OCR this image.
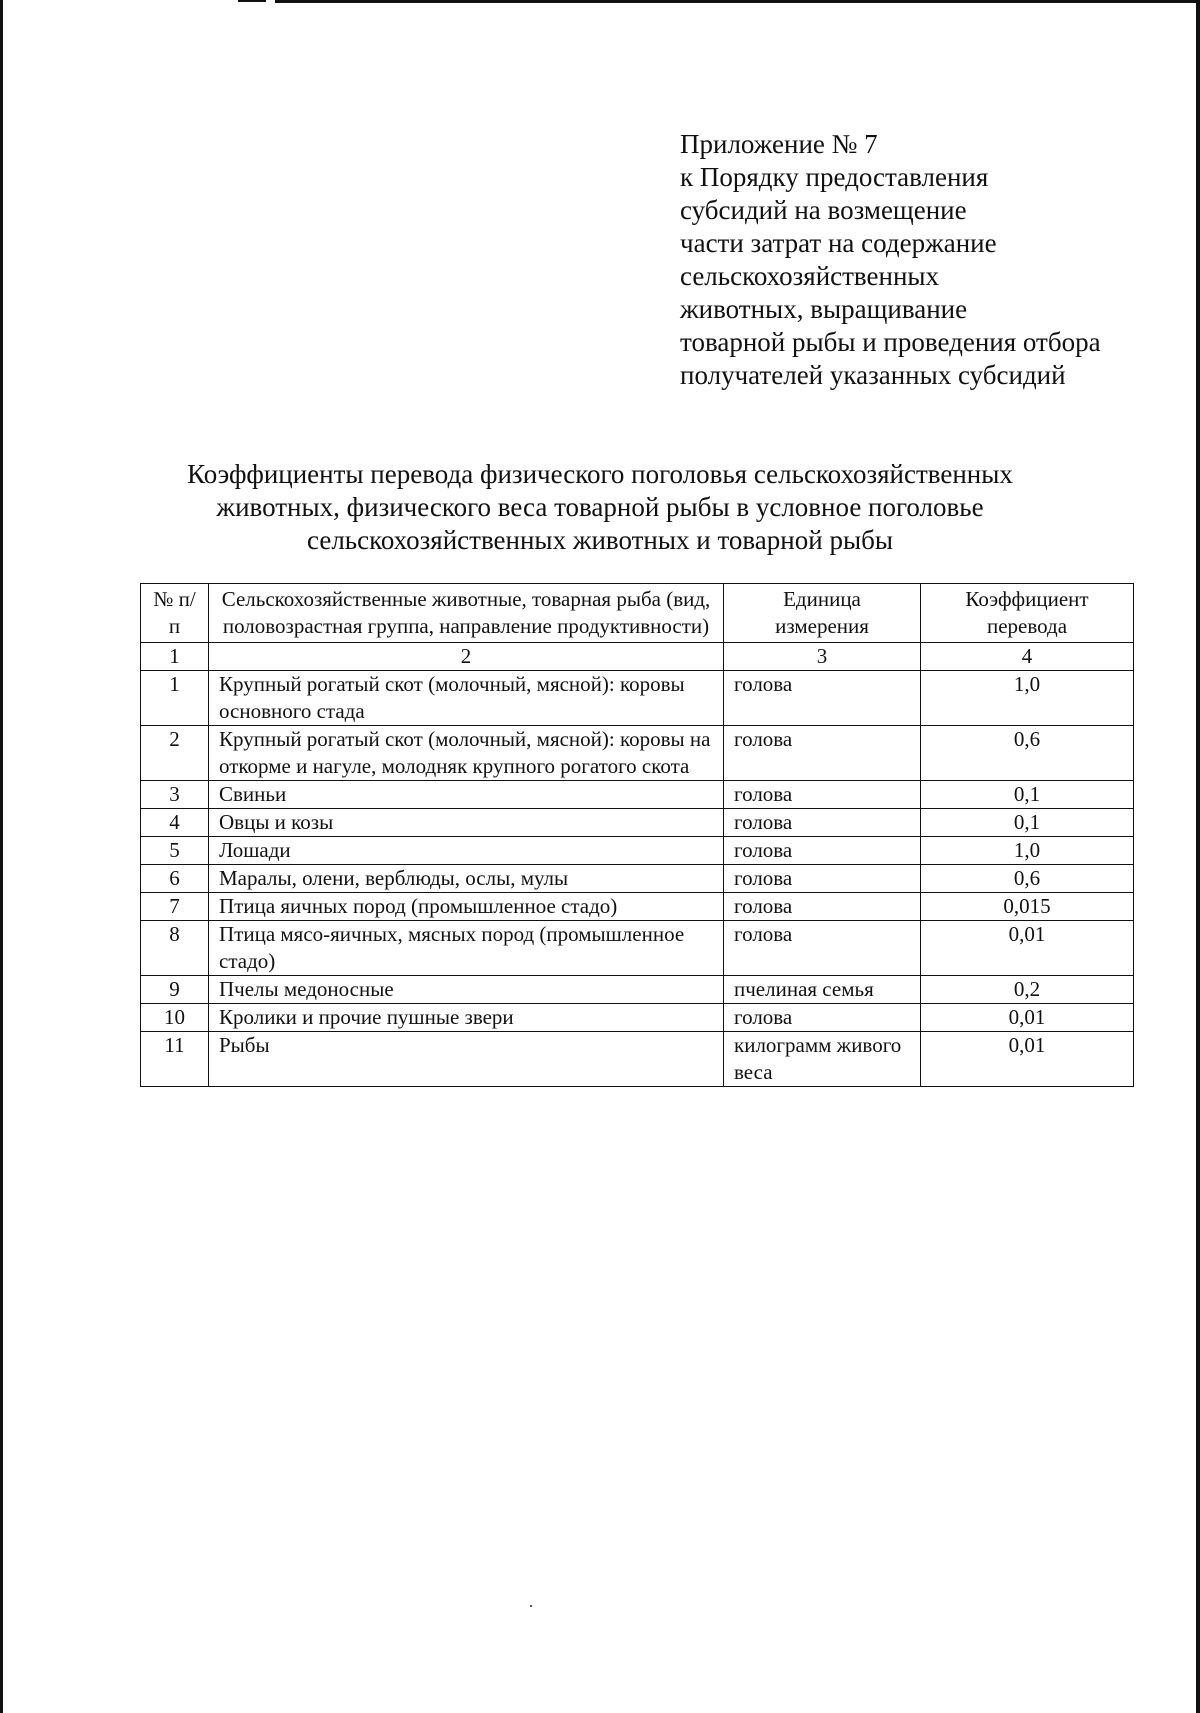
Приложение № 7
к Порядку предоставления
субсидий на возмещение
части затрат на содержание
сельскохозяйственных
животных, выращивание
товарной рыбы и проведения отбора
получателей указанных субсидий
Коэффициенты перевода физического поголовья сельскохозяйственных
животных, физического веса товарной рыбы в условное поголовье
сельскохозяйственных животных и товарной рыбы
№ п/п	Сельскохозяйственные животные, товарная рыба (вид, половозрастная группа, направление продуктивности)	Единица измерения	Коэффициент перевода
1	2	3	4
1	Крупный рогатый скот (молочный, мясной): коровы основного стада	голова	1,0
2	Крупный рогатый скот (молочный, мясной): коровы на откорме и нагуле, молодняк крупного рогатого скота	голова	0,6
3	Свиньи	голова	0,1
4	Овцы и козы	голова	0,1
5	Лошади	голова	1,0
6	Маралы, олени, верблюды, ослы, мулы	голова	0,6
7	Птица яичных пород (промышленное стадо)	голова	0,015
8	Птица мясо-яичных, мясных пород (промышленное стадо)	голова	0,01
9	Пчелы медоносные	пчелиная семья	0,2
10	Кролики и прочие пушные звери	голова	0,01
11	Рыбы	килограмм живого веса	0,01
